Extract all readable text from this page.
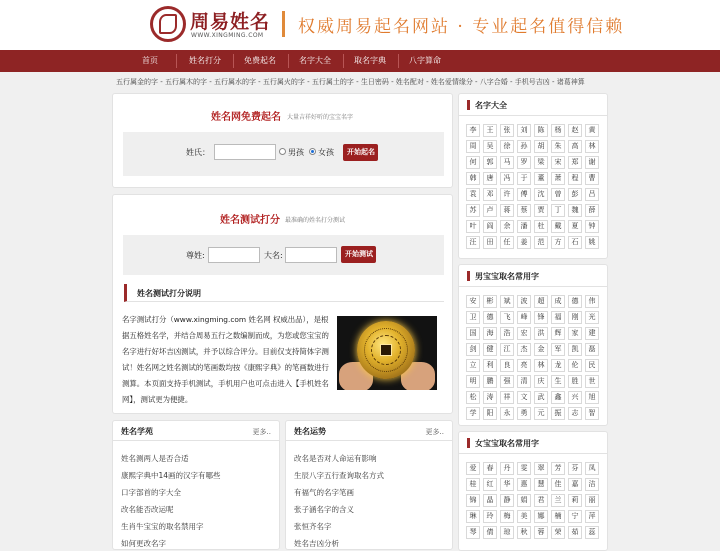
周易姓名
WWW.XINGMING.COM 权威周易起名网站 · 专业起名值得信赖
首页	姓名打分	免费起名	名字大全	取名字典	八字算命
五行属金的字 - 五行属木的字 - 五行属水的字 - 五行属火的字 - 五行属土的字 - 生日密码 - 姓名配对 - 姓名爱情缘分 - 八字合婚 - 手机号吉凶 - 诸葛神算
姓名网免费起名 大量吉祥好听的宝宝名字
姓氏：	男孩 女孩	开始起名
姓名测试打分 最准确的姓名打分测试
尊姓:	大名:	开始测试
姓名测试打分说明
名字测试打分（www.xingming.com 姓名网 权威出品），是根据五格姓名学，并结合周易五行之数编制而成，为您或您宝宝的名字进行好坏吉凶测试，并予以综合评分。目前仅支持简体字测试！姓名网之姓名测试的笔画数均按《康熙字典》的笔画数进行测算。本页面支持手机测试，手机用户也可点击进入【手机姓名网】，测试更为便捷。
姓名学苑	更多..
姓名测两人是否合适
康熙字典中14画的汉字有哪些
口字部首的字大全
改名能否改运呢
生肖牛宝宝的取名禁用字
如何更改名字
姓名运势	更多..
改名是否对人命运有影响
生辰八字五行查询取名方式
有福气的名字笔画
张子涵名字的含义
张恒齐名字
姓名吉凶分析
名字大全
李	王	张	刘	陈	杨	赵	黄
周	吴	徐	孙	胡	朱	高	林
何	郭	马	罗	梁	宋	郑	谢
韩	唐	冯	于	董	萧	程	曹
袁	邓	许	傅	沈	曾	彭	吕
苏	卢	蒋	蔡	贾	丁	魏	薛
叶	阎	余	潘	杜	戴	夏	钟
汪	田	任	姜	范	方	石	姚
男宝宝取名常用字
安	彬	斌	波	超	成	德	伟
卫	德	飞	峰	锋	福	刚	光
国	海	浩	宏	洪	辉	家	建
剑	健	江	杰	金	军	凯	磊
立	利	良	亮	林	龙	伦	民
明	鹏	强	清	庆	生	胜	世
松	涛	祥	文	武	鑫	兴	旭
学	阳	永	勇	元	振	志	智
女宝宝取名常用字
爱	春	丹	雯	翠	芳	芬	凤
桂	红	华	惠	慧	佳	嘉	洁
锦	晶	静	娟	君	兰	莉	丽
琳	玲	梅	美	娜	楠	宁	萍
琴	倩	琼	秋	蓉	荣	茹	蕊
